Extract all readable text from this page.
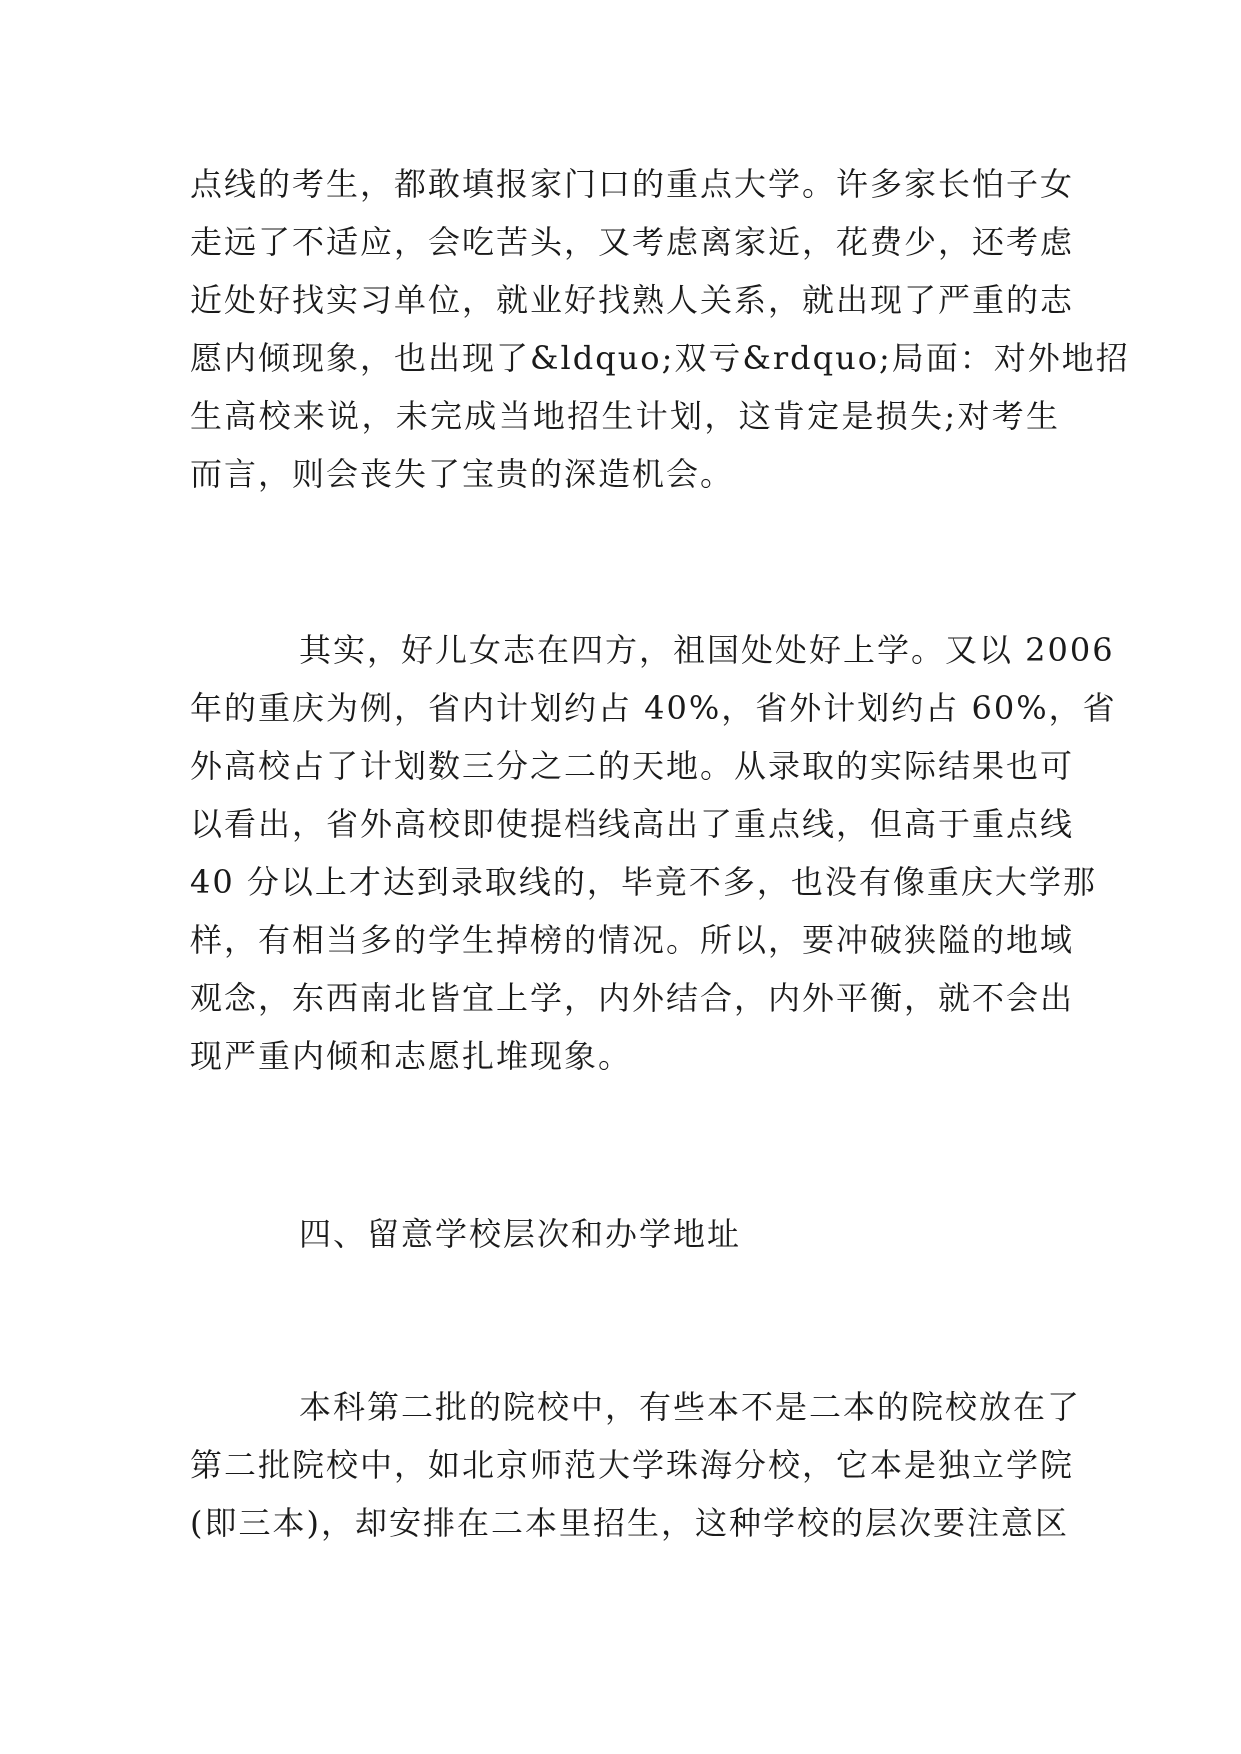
点线的考生，都敢填报家门口的重点大学。许多家长怕子女
走远了不适应，会吃苦头，又考虑离家近，花费少，还考虑
近处好找实习单位，就业好找熟人关系，就出现了严重的志
愿内倾现象，也出现了&ldquo;双亏&rdquo;局面：对外地招
生高校来说，未完成当地招生计划，这肯定是损失;对考生
而言，则会丧失了宝贵的深造机会。
其实，好儿女志在四方，祖国处处好上学。又以 2006
年的重庆为例，省内计划约占 40%，省外计划约占 60%，省
外高校占了计划数三分之二的天地。从录取的实际结果也可
以看出，省外高校即使提档线高出了重点线，但高于重点线
40 分以上才达到录取线的，毕竟不多，也没有像重庆大学那
样，有相当多的学生掉榜的情况。所以，要冲破狭隘的地域
观念，东西南北皆宜上学，内外结合，内外平衡，就不会出
现严重内倾和志愿扎堆现象。
四、留意学校层次和办学地址
本科第二批的院校中，有些本不是二本的院校放在了
第二批院校中，如北京师范大学珠海分校，它本是独立学院
(即三本)，却安排在二本里招生，这种学校的层次要注意区
